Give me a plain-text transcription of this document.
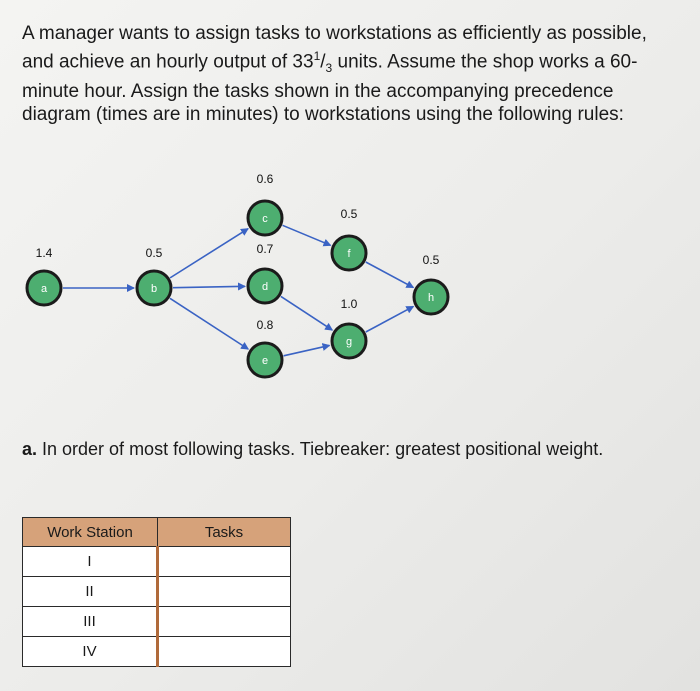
A manager wants to assign tasks to workstations as efficiently as possible, and achieve an hourly output of $33^1/_3$ units. Assume the shop works a 60-minute hour. Assign the tasks shown in the accompanying precedence diagram (times are in minutes) to workstations using the following rules:

a
1.4
b
0.5
c
0.6
d
0.7
e
0.8
f
0.5
g
1.0	h
0.5

a. In order of most following tasks. Tiebreaker: greatest positional weight.

Work Station	Tasks
I	
II	
III	
IV	
